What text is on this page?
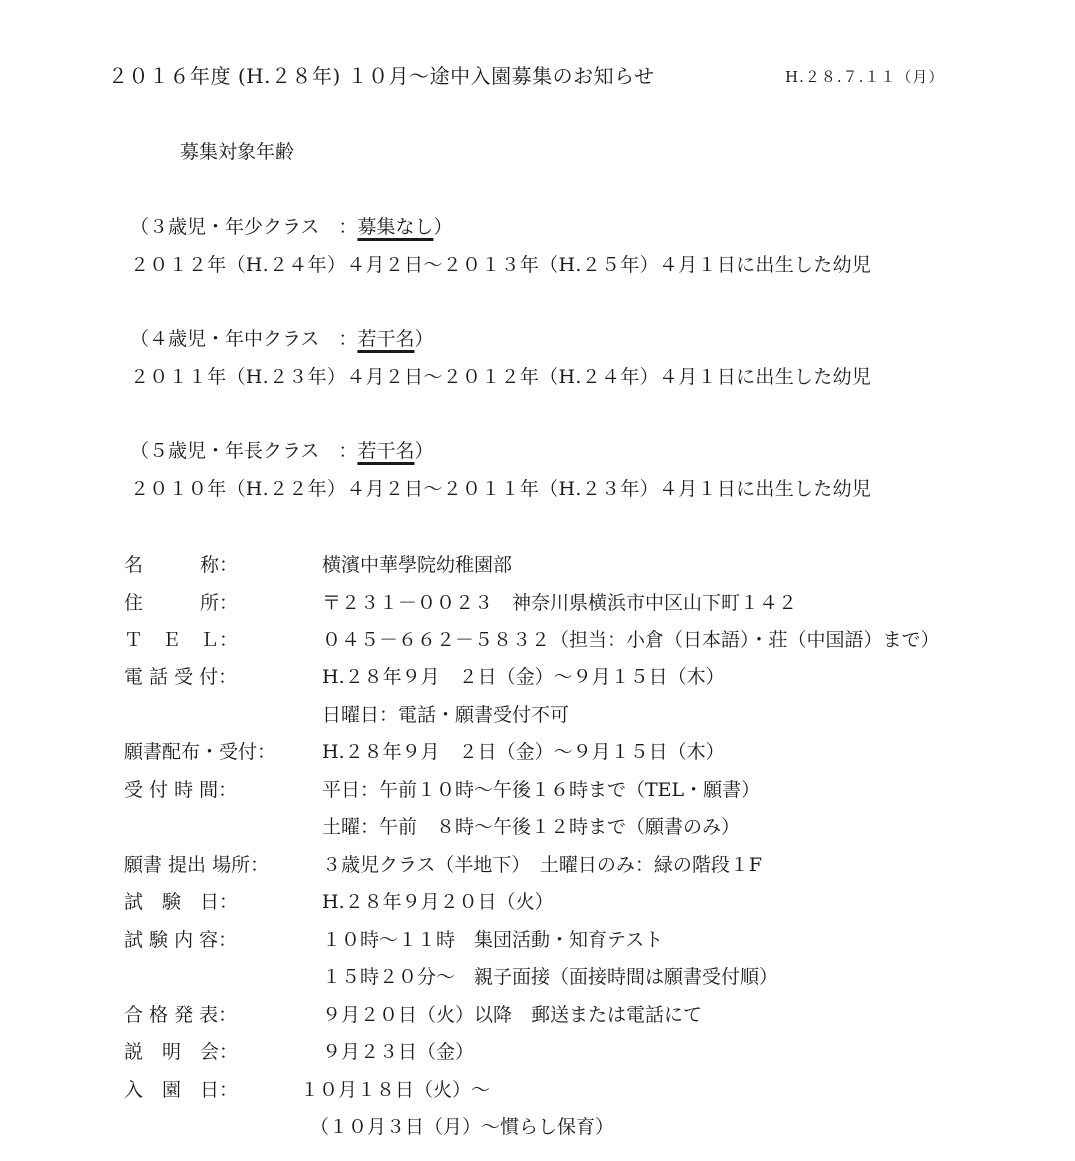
２０１６年度 (H.２８年) １０月～途中入園募集のお知らせ	H.２８.７.１１（月）
募集対象年齢
（３歳児・年少クラス　：募集なし）
２０１２年（H.２４年）４月２日～２０１３年（H.２５年）４月１日に出生した幼児
（４歳児・年中クラス　：若干名）
２０１１年（H.２３年）４月２日～２０１２年（H.２４年）４月１日に出生した幼児
（５歳児・年長クラス　：若干名）
２０１０年（H.２２年）４月２日～２０１１年（H.２３年）４月１日に出生した幼児
名　　　称：	横濱中華學院幼稚園部
住　　　所：	〒２３１－００２３　神奈川県横浜市中区山下町１４２
Ｔ　Ｅ　Ｌ：	０４５－６６２－５８３２（担当：小倉（日本語）・荘（中国語）まで）
電 話 受 付：	H.２８年９月　２日（金）～９月１５日（木）
日曜日：電話・願書受付不可
願書配布・受付： H.２８年９月　２日（金）～９月１５日（木）
受 付 時 間：	平日：午前１０時～午後１６時まで（TEL・願書）
土曜：午前　８時～午後１２時まで（願書のみ）
願書 提出 場所：	３歳児クラス（半地下）　土曜日のみ：緑の階段１F
試　験　日：	H.２８年９月２０日（火）
試 験 内 容：	１０時～１１時　集団活動・知育テスト
１５時２０分～　親子面接（面接時間は願書受付順）
合 格 発 表：	９月２０日（火）以降　郵送または電話にて
説　明　会：	９月２３日（金）
入　園　日：	１０月１８日（火）～
（１０月３日（月）～慣らし保育）
